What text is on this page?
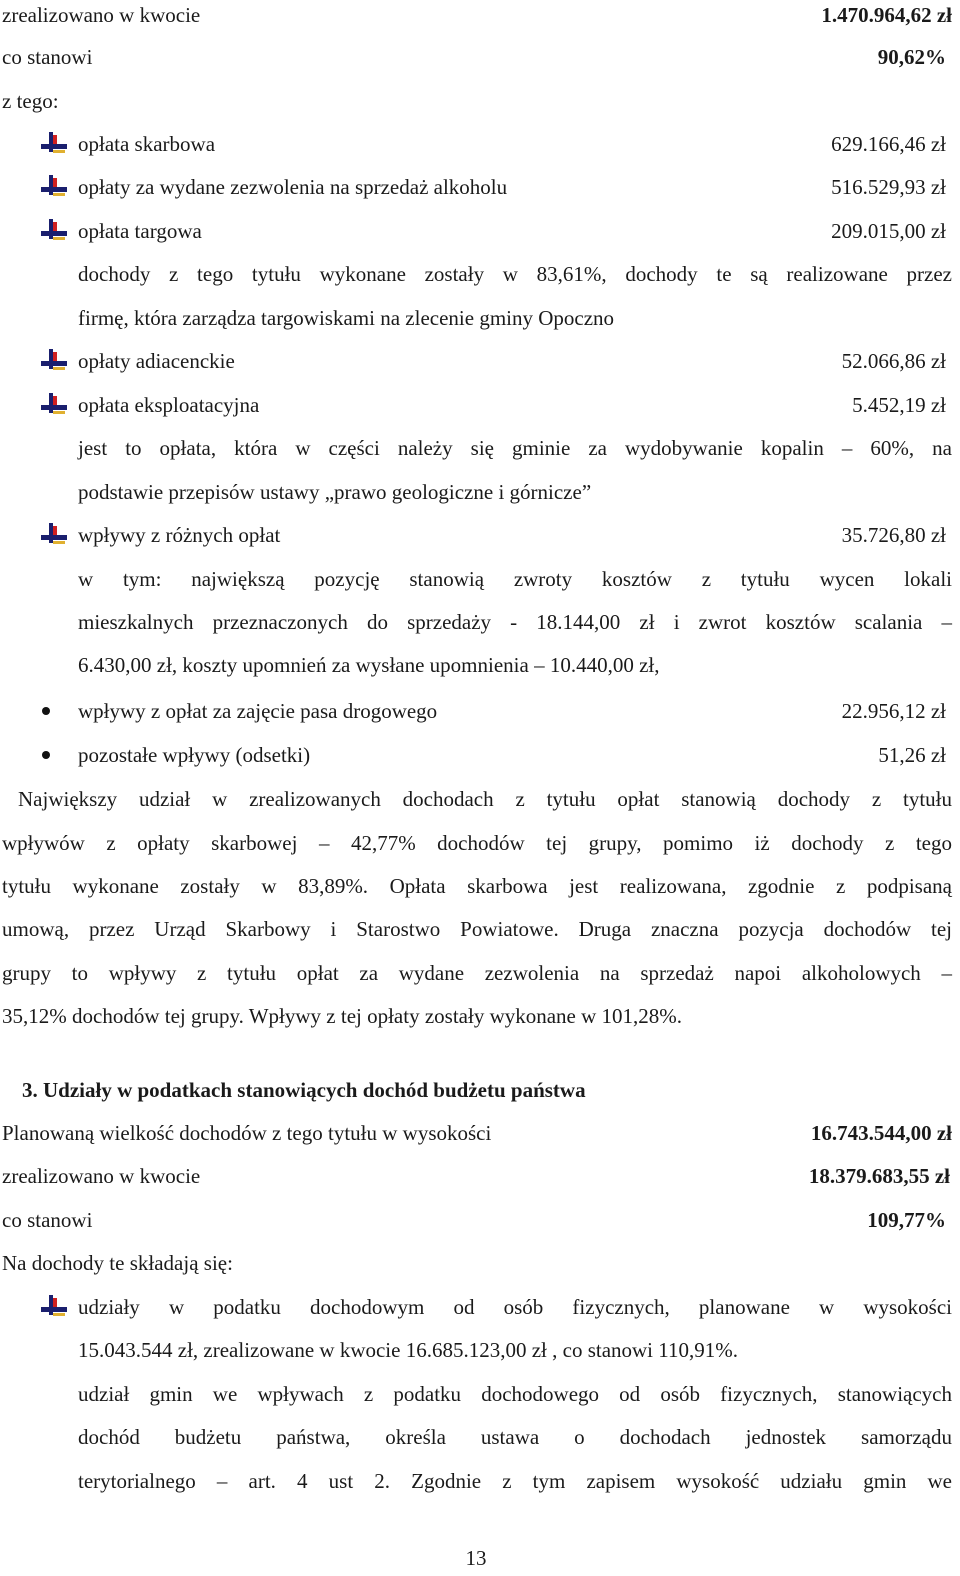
zrealizowano w kwocie	1.470.964,62 zł
co stanowi	90,62%
z tego:
opłata skarbowa	629.166,46 zł
opłaty za wydane zezwolenia na sprzedaż alkoholu	516.529,93 zł
opłata targowa	209.015,00 zł
dochody z tego tytułu wykonane zostały w 83,61%, dochody te są realizowane przez
firmę, która zarządza targowiskami na zlecenie gminy Opoczno
opłaty adiacenckie	52.066,86 zł
opłata eksploatacyjna	5.452,19 zł
jest to opłata, która w części należy się gminie za wydobywanie kopalin – 60%, na
podstawie przepisów ustawy „prawo geologiczne i górnicze”
wpływy z różnych opłat	35.726,80 zł
w tym: największą pozycję stanowią zwroty kosztów z tytułu wycen lokali
mieszkalnych przeznaczonych do sprzedaży - 18.144,00 zł i zwrot kosztów scalania –
6.430,00 zł, koszty upomnień za wysłane upomnienia – 10.440,00 zł,
wpływy z opłat za zajęcie pasa drogowego	22.956,12 zł
pozostałe wpływy (odsetki)	51,26 zł
Największy udział w zrealizowanych dochodach z tytułu opłat stanowią dochody z tytułu
wpływów z opłaty skarbowej – 42,77% dochodów tej grupy, pomimo iż dochody z tego
tytułu wykonane zostały w 83,89%. Opłata skarbowa jest realizowana, zgodnie z podpisaną
umową, przez Urząd Skarbowy i Starostwo Powiatowe. Druga znaczna pozycja dochodów tej
grupy to wpływy z tytułu opłat za wydane zezwolenia na sprzedaż napoi alkoholowych –
35,12% dochodów tej grupy. Wpływy z tej opłaty zostały wykonane w 101,28%.
3. Udziały w podatkach stanowiących dochód budżetu państwa
Planowaną wielkość dochodów z tego tytułu w wysokości	16.743.544,00 zł
zrealizowano w kwocie	18.379.683,55 zł
co stanowi	109,77%
Na dochody te składają się:
udziały w podatku dochodowym od osób fizycznych, planowane w wysokości
15.043.544 zł, zrealizowane w kwocie 16.685.123,00 zł , co stanowi 110,91%.
udział gmin we wpływach z podatku dochodowego od osób fizycznych, stanowiących
dochód budżetu państwa, określa ustawa o dochodach jednostek samorządu
terytorialnego – art. 4 ust 2. Zgodnie z tym zapisem wysokość udziału gmin we
13
